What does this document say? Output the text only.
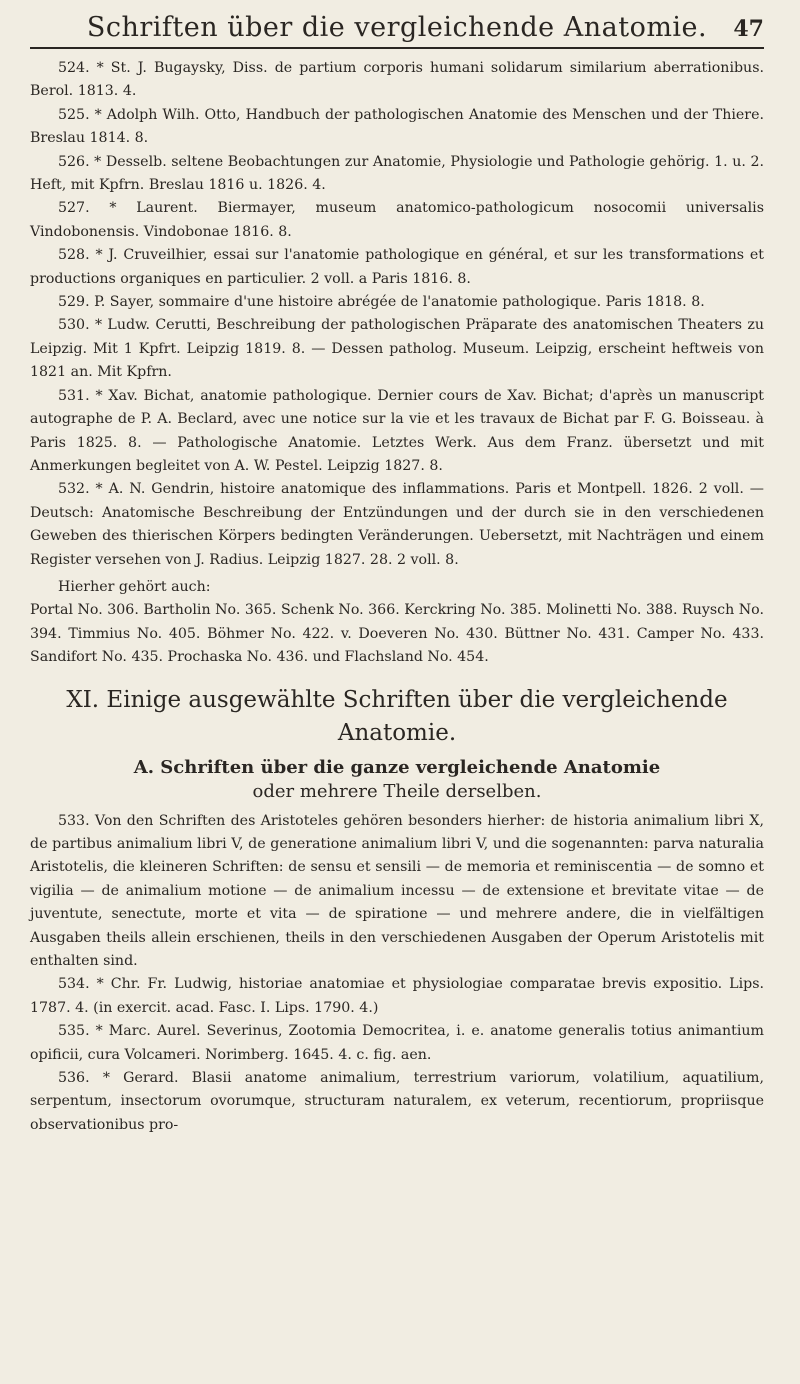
Schriften über die vergleichende Anatomie.	47

524. * St. J. Bugaysky, Diss. de partium corporis humani solidarum similarium aberrationibus. Berol. 1813. 4.

525. * Adolph Wilh. Otto, Handbuch der pathologischen Anatomie des Menschen und der Thiere. Breslau 1814. 8.

526. * Desselb. seltene Beobachtungen zur Anatomie, Physiologie und Pathologie gehörig. 1. u. 2. Heft, mit Kpfrn. Breslau 1816 u. 1826. 4.

527. * Laurent. Biermayer, museum anatomico-pathologicum nosocomii universalis Vindobonensis. Vindobonae 1816. 8.

528. * J. Cruveilhier, essai sur l'anatomie pathologique en général, et sur les transformations et productions organiques en particulier. 2 voll. a Paris 1816. 8.

529. P. Sayer, sommaire d'une histoire abrégée de l'anatomie pathologique. Paris 1818. 8.

530. * Ludw. Cerutti, Beschreibung der pathologischen Präparate des anatomischen Theaters zu Leipzig. Mit 1 Kpfrt. Leipzig 1819. 8. — Dessen patholog. Museum. Leipzig, erscheint heftweis von 1821 an. Mit Kpfrn.

531. * Xav. Bichat, anatomie pathologique. Dernier cours de Xav. Bichat; d'après un manuscript autographe de P. A. Beclard, avec une notice sur la vie et les travaux de Bichat par F. G. Boisseau. à Paris 1825. 8. — Pathologische Anatomie. Letztes Werk. Aus dem Franz. übersetzt und mit Anmerkungen begleitet von A. W. Pestel. Leipzig 1827. 8.

532. * A. N. Gendrin, histoire anatomique des inflammations. Paris et Montpell. 1826. 2 voll. — Deutsch: Anatomische Beschreibung der Entzündungen und der durch sie in den verschiedenen Geweben des thierischen Körpers bedingten Veränderungen. Uebersetzt, mit Nachträgen und einem Register versehen von J. Radius. Leipzig 1827. 28. 2 voll. 8.

Hierher gehört auch:

Portal No. 306. Bartholin No. 365. Schenk No. 366. Kerckring No. 385. Molinetti No. 388. Ruysch No. 394. Timmius No. 405. Böhmer No. 422. v. Doeveren No. 430. Büttner No. 431. Camper No. 433. Sandifort No. 435. Prochaska No. 436. und Flachsland No. 454.

XI. Einige ausgewählte Schriften über die vergleichende
Anatomie.
A. Schriften über die ganze vergleichende Anatomie
oder mehrere Theile derselben.

533. Von den Schriften des Aristoteles gehören besonders hierher: de historia animalium libri X, de partibus animalium libri V, de generatione animalium libri V, und die sogenannten: parva naturalia Aristotelis, die kleineren Schriften: de sensu et sensili — de memoria et reminiscentia — de somno et vigilia — de animalium motione — de animalium incessu — de extensione et brevitate vitae — de juventute, senectute, morte et vita — de spiratione — und mehrere andere, die in vielfältigen Ausgaben theils allein erschienen, theils in den verschiedenen Ausgaben der Operum Aristotelis mit enthalten sind.

534. * Chr. Fr. Ludwig, historiae anatomiae et physiologiae comparatae brevis expositio. Lips. 1787. 4. (in exercit. acad. Fasc. I. Lips. 1790. 4.)

535. * Marc. Aurel. Severinus, Zootomia Democritea, i. e. anatome generalis totius animantium opificii, cura Volcameri. Norimberg. 1645. 4. c. fig. aen.

536. * Gerard. Blasii anatome animalium, terrestrium variorum, volatilium, aquatilium, serpentum, insectorum ovorumque, structuram naturalem, ex veterum, recentiorum, propriisque observationibus pro-
